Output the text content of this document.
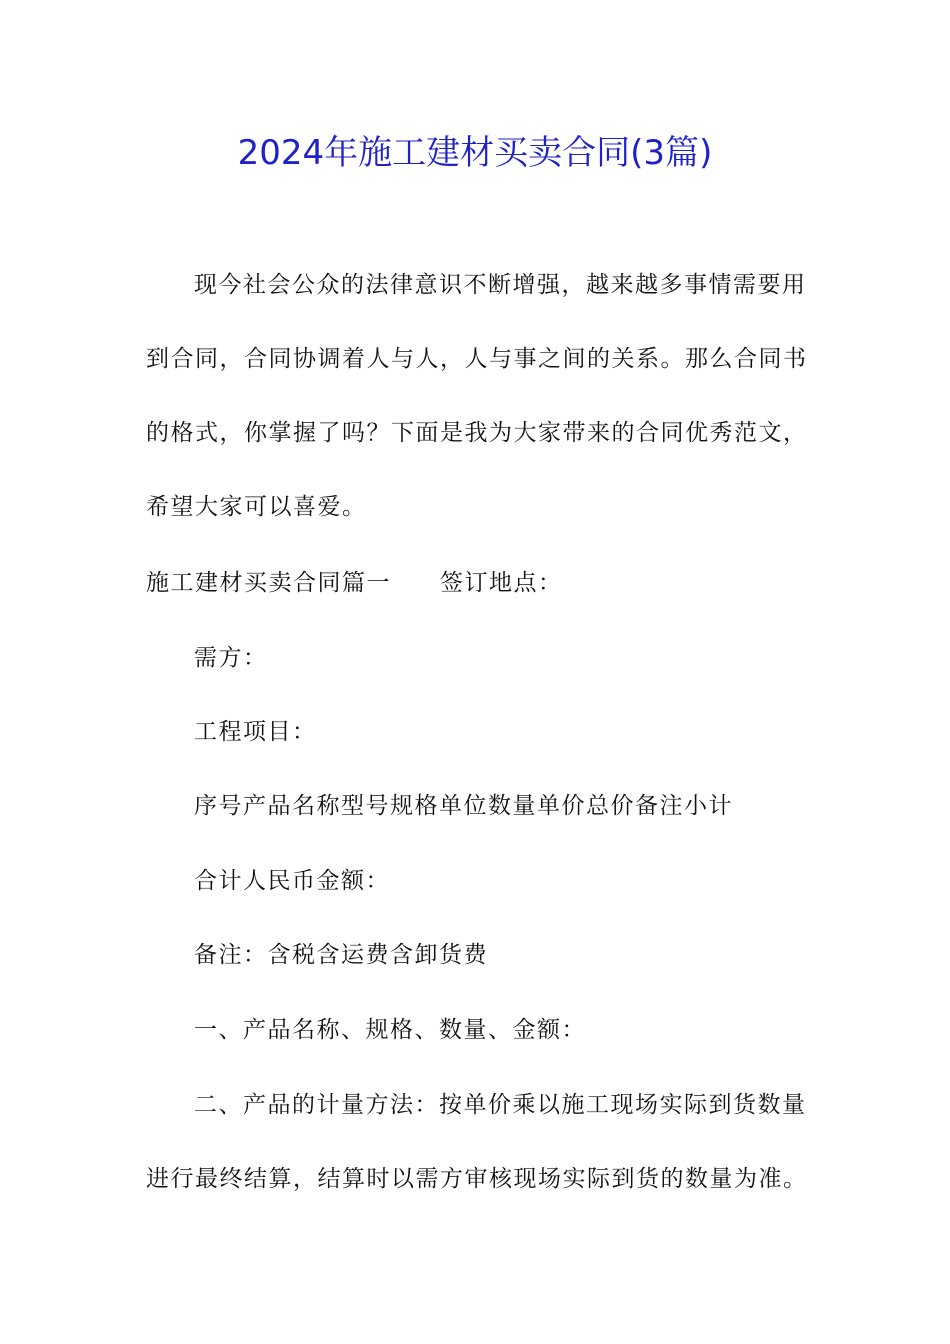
2024年施工建材买卖合同(3篇)
现今社会公众的法律意识不断增强，越来越多事情需要用
到合同，合同协调着人与人，人与事之间的关系。那么合同书
的格式，你掌握了吗？下面是我为大家带来的合同优秀范文，
希望大家可以喜爱。
施工建材买卖合同篇一　　签订地点：
需方：
工程项目：
序号产品名称型号规格单位数量单价总价备注小计
合计人民币金额：
备注：含税含运费含卸货费
一、产品名称、规格、数量、金额：
二、产品的计量方法：按单价乘以施工现场实际到货数量
进行最终结算，结算时以需方审核现场实际到货的数量为准。
